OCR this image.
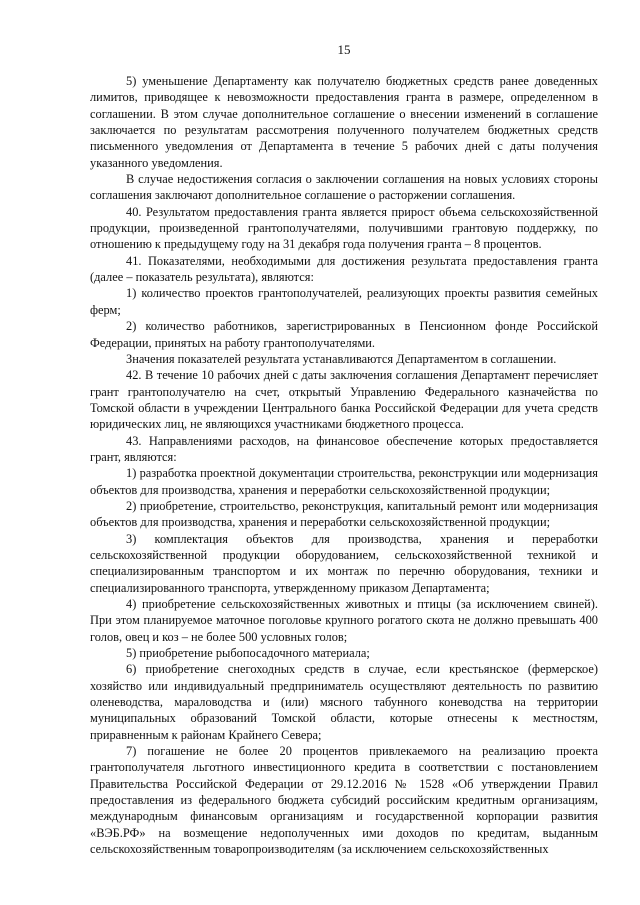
15

5) уменьшение Департаменту как получателю бюджетных средств ранее доведенных лимитов, приводящее к невозможности предоставления гранта в размере, определенном в соглашении. В этом случае дополнительное соглашение о внесении изменений в соглашение заключается по результатам рассмотрения полученного получателем бюджетных средств письменного уведомления от Департамента в течение 5 рабочих дней с даты получения указанного уведомления.

В случае недостижения согласия о заключении соглашения на новых условиях стороны соглашения заключают дополнительное соглашение о расторжении соглашения.

40. Результатом предоставления гранта является прирост объема сельскохозяйственной продукции, произведенной грантополучателями, получившими грантовую поддержку, по отношению к предыдущему году на 31 декабря года получения гранта – 8 процентов.

41. Показателями, необходимыми для достижения результата предоставления гранта (далее – показатель результата), являются:

1) количество проектов грантополучателей, реализующих проекты развития семейных ферм;

2) количество работников, зарегистрированных в Пенсионном фонде Российской Федерации, принятых на работу грантополучателями.

Значения показателей результата устанавливаются Департаментом в соглашении.

42. В течение 10 рабочих дней с даты заключения соглашения Департамент перечисляет грант грантополучателю на счет, открытый Управлению Федерального казначейства по Томской области в учреждении Центрального банка Российской Федерации для учета средств юридических лиц, не являющихся участниками бюджетного процесса.

43. Направлениями расходов, на финансовое обеспечение которых предоставляется грант, являются:

1) разработка проектной документации строительства, реконструкции или модернизация объектов для производства, хранения и переработки сельскохозяйственной продукции;

2) приобретение, строительство, реконструкция, капитальный ремонт или модернизация объектов для производства, хранения и переработки сельскохозяйственной продукции;

3) комплектация объектов для производства, хранения и переработки сельскохозяйственной продукции оборудованием, сельскохозяйственной техникой и специализированным транспортом и их монтаж по перечню оборудования, техники и специализированного транспорта, утвержденному приказом Департамента;

4) приобретение сельскохозяйственных животных и птицы (за исключением свиней). При этом планируемое маточное поголовье крупного рогатого скота не должно превышать 400 голов, овец и коз – не более 500 условных голов;

5) приобретение рыбопосадочного материала;

6) приобретение снегоходных средств в случае, если крестьянское (фермерское) хозяйство или индивидуальный предприниматель осуществляют деятельность по развитию оленеводства, мараловодства и (или) мясного табунного коневодства на территории муниципальных образований Томской области, которые отнесены к местностям, приравненным к районам Крайнего Севера;

7) погашение не более 20 процентов привлекаемого на реализацию проекта грантополучателя льготного инвестиционного кредита в соответствии с постановлением Правительства Российской Федерации от 29.12.2016 № 1528 «Об утверждении Правил предоставления из федерального бюджета субсидий российским кредитным организациям, международным финансовым организациям и государственной корпорации развития «ВЭБ.РФ» на возмещение недополученных ими доходов по кредитам, выданным сельскохозяйственным товаропроизводителям (за исключением сельскохозяйственных
